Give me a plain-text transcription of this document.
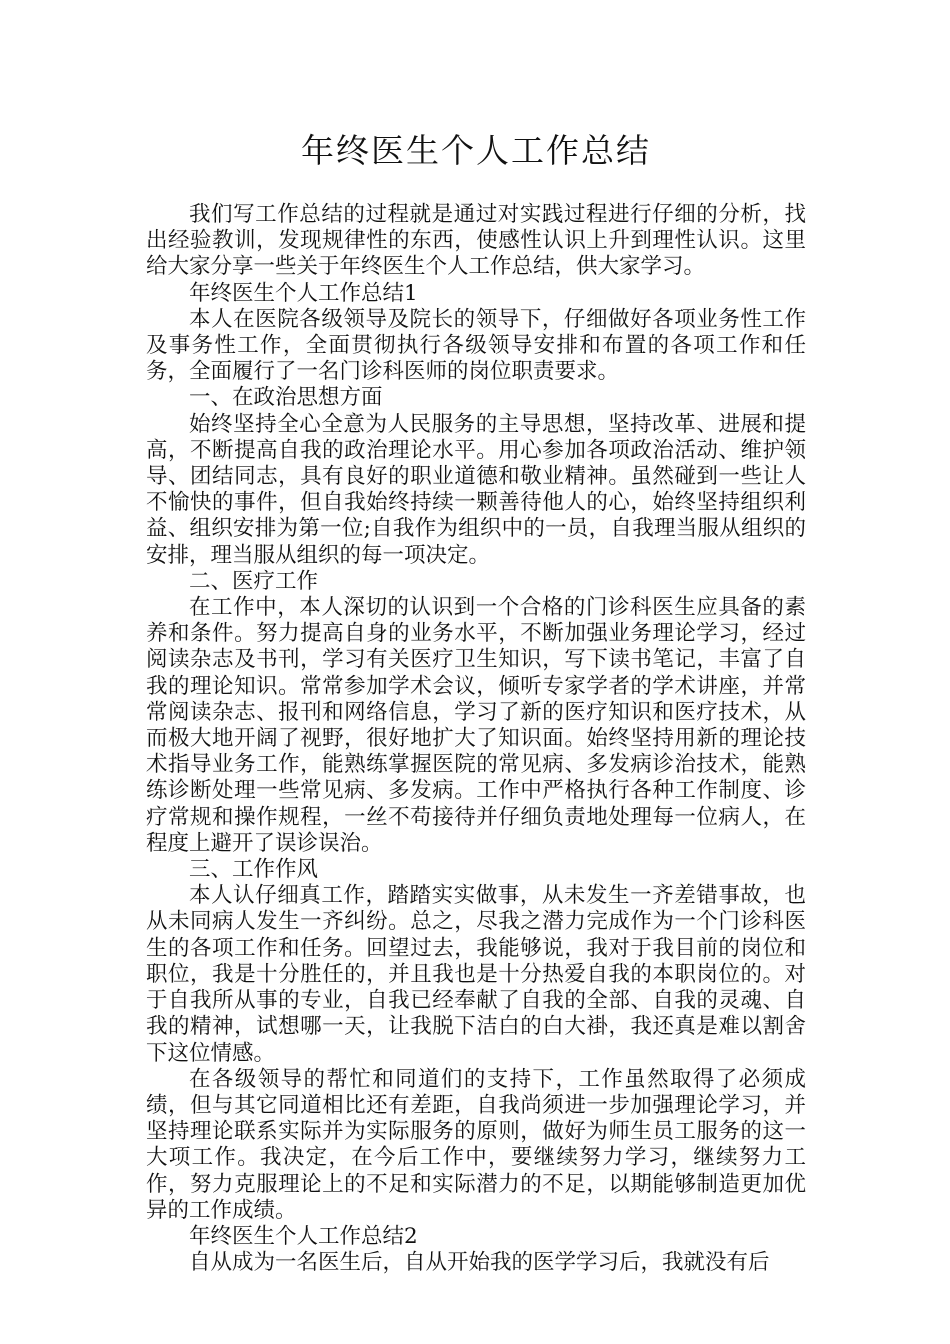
年终医生个人工作总结

我们写工作总结的过程就是通过对实践过程进行仔细的分析，找出经验教训，发现规律性的东西，使感性认识上升到理性认识。这里给大家分享一些关于年终医生个人工作总结，供大家学习。

年终医生个人工作总结1

本人在医院各级领导及院长的领导下，仔细做好各项业务性工作及事务性工作，全面贯彻执行各级领导安排和布置的各项工作和任务，全面履行了一名门诊科医师的岗位职责要求。

一、在政治思想方面

始终坚持全心全意为人民服务的主导思想，坚持改革、进展和提高，不断提高自我的政治理论水平。用心参加各项政治活动、维护领导、团结同志，具有良好的职业道德和敬业精神。虽然碰到一些让人不愉快的事件，但自我始终持续一颗善待他人的心，始终坚持组织利益、组织安排为第一位;自我作为组织中的一员，自我理当服从组织的安排，理当服从组织的每一项决定。

二、医疗工作

在工作中，本人深切的认识到一个合格的门诊科医生应具备的素养和条件。努力提高自身的业务水平，不断加强业务理论学习，经过阅读杂志及书刊，学习有关医疗卫生知识，写下读书笔记，丰富了自我的理论知识。常常参加学术会议，倾听专家学者的学术讲座，并常常阅读杂志、报刊和网络信息，学习了新的医疗知识和医疗技术，从而极大地开阔了视野，很好地扩大了知识面。始终坚持用新的理论技术指导业务工作，能熟练掌握医院的常见病、多发病诊治技术，能熟练诊断处理一些常见病、多发病。工作中严格执行各种工作制度、诊疗常规和操作规程，一丝不苟接待并仔细负责地处理每一位病人，在程度上避开了误诊误治。

三、工作作风

本人认仔细真工作，踏踏实实做事，从未发生一齐差错事故，也从未同病人发生一齐纠纷。总之，尽我之潜力完成作为一个门诊科医生的各项工作和任务。回望过去，我能够说，我对于我目前的岗位和职位，我是十分胜任的，并且我也是十分热爱自我的本职岗位的。对于自我所从事的专业，自我已经奉献了自我的全部、自我的灵魂、自我的精神，试想哪一天，让我脱下洁白的白大褂，我还真是难以割舍下这位情感。

在各级领导的帮忙和同道们的支持下，工作虽然取得了必须成绩，但与其它同道相比还有差距，自我尚须进一步加强理论学习，并坚持理论联系实际并为实际服务的原则，做好为师生员工服务的这一大项工作。我决定，在今后工作中，要继续努力学习，继续努力工作，努力克服理论上的不足和实际潜力的不足，以期能够制造更加优异的工作成绩。

年终医生个人工作总结2

自从成为一名医生后，自从开始我的医学学习后，我就没有后
